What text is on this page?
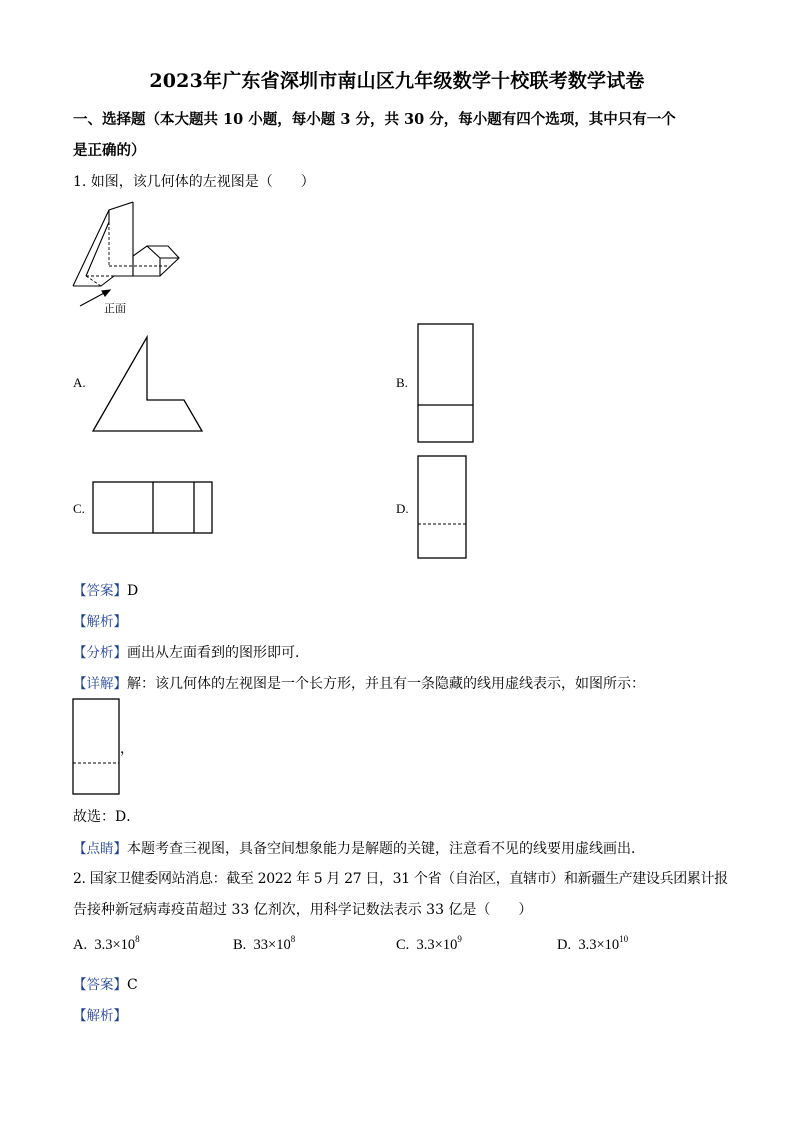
2023年广东省深圳市南山区九年级数学十校联考数学试卷
一、选择题（本大题共 10 小题，每小题 3 分，共 30 分，每小题有四个选项，其中只有一个
是正确的）
1. 如图，该几何体的左视图是（　　）
正面
A.	B.
C.	D.
【答案】D
【解析】
【分析】画出从左面看到的图形即可．
【详解】解：该几何体的左视图是一个长方形，并且有一条隐藏的线用虚线表示，如图所示：
，
故选：D．
【点睛】本题考查三视图，具备空间想象能力是解题的关键，注意看不见的线要用虚线画出．
2. 国家卫健委网站消息：截至 2022 年 5 月 27 日，31 个省（自治区，直辖市）和新疆生产建设兵团累计报
告接种新冠病毒疫苗超过 33 亿剂次，用科学记数法表示 33 亿是（　　）
A. $3.3\times 10^8$	B. $33\times 10^8$	C. $3.3\times 10^9$	D. $3.3\times 10^{10}$
【答案】C
【解析】
